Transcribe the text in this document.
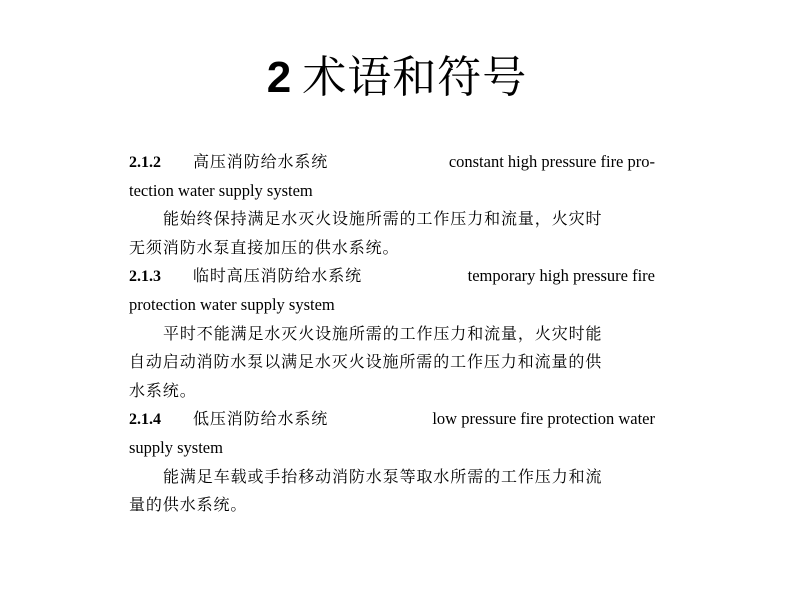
2 术语和符号
2.1.2 高压消防给水系统	constant high pressure fire pro-
tection water supply system
能始终保持满足水灭火设施所需的工作压力和流量，火灾时
无须消防水泵直接加压的供水系统。
2.1.3 临时高压消防给水系统	temporary high pressure fire
protection water supply system
平时不能满足水灭火设施所需的工作压力和流量，火灾时能
自动启动消防水泵以满足水灭火设施所需的工作压力和流量的供
水系统。
2.1.4 低压消防给水系统	low pressure fire protection water
supply system
能满足车载或手抬移动消防水泵等取水所需的工作压力和流
量的供水系统。
